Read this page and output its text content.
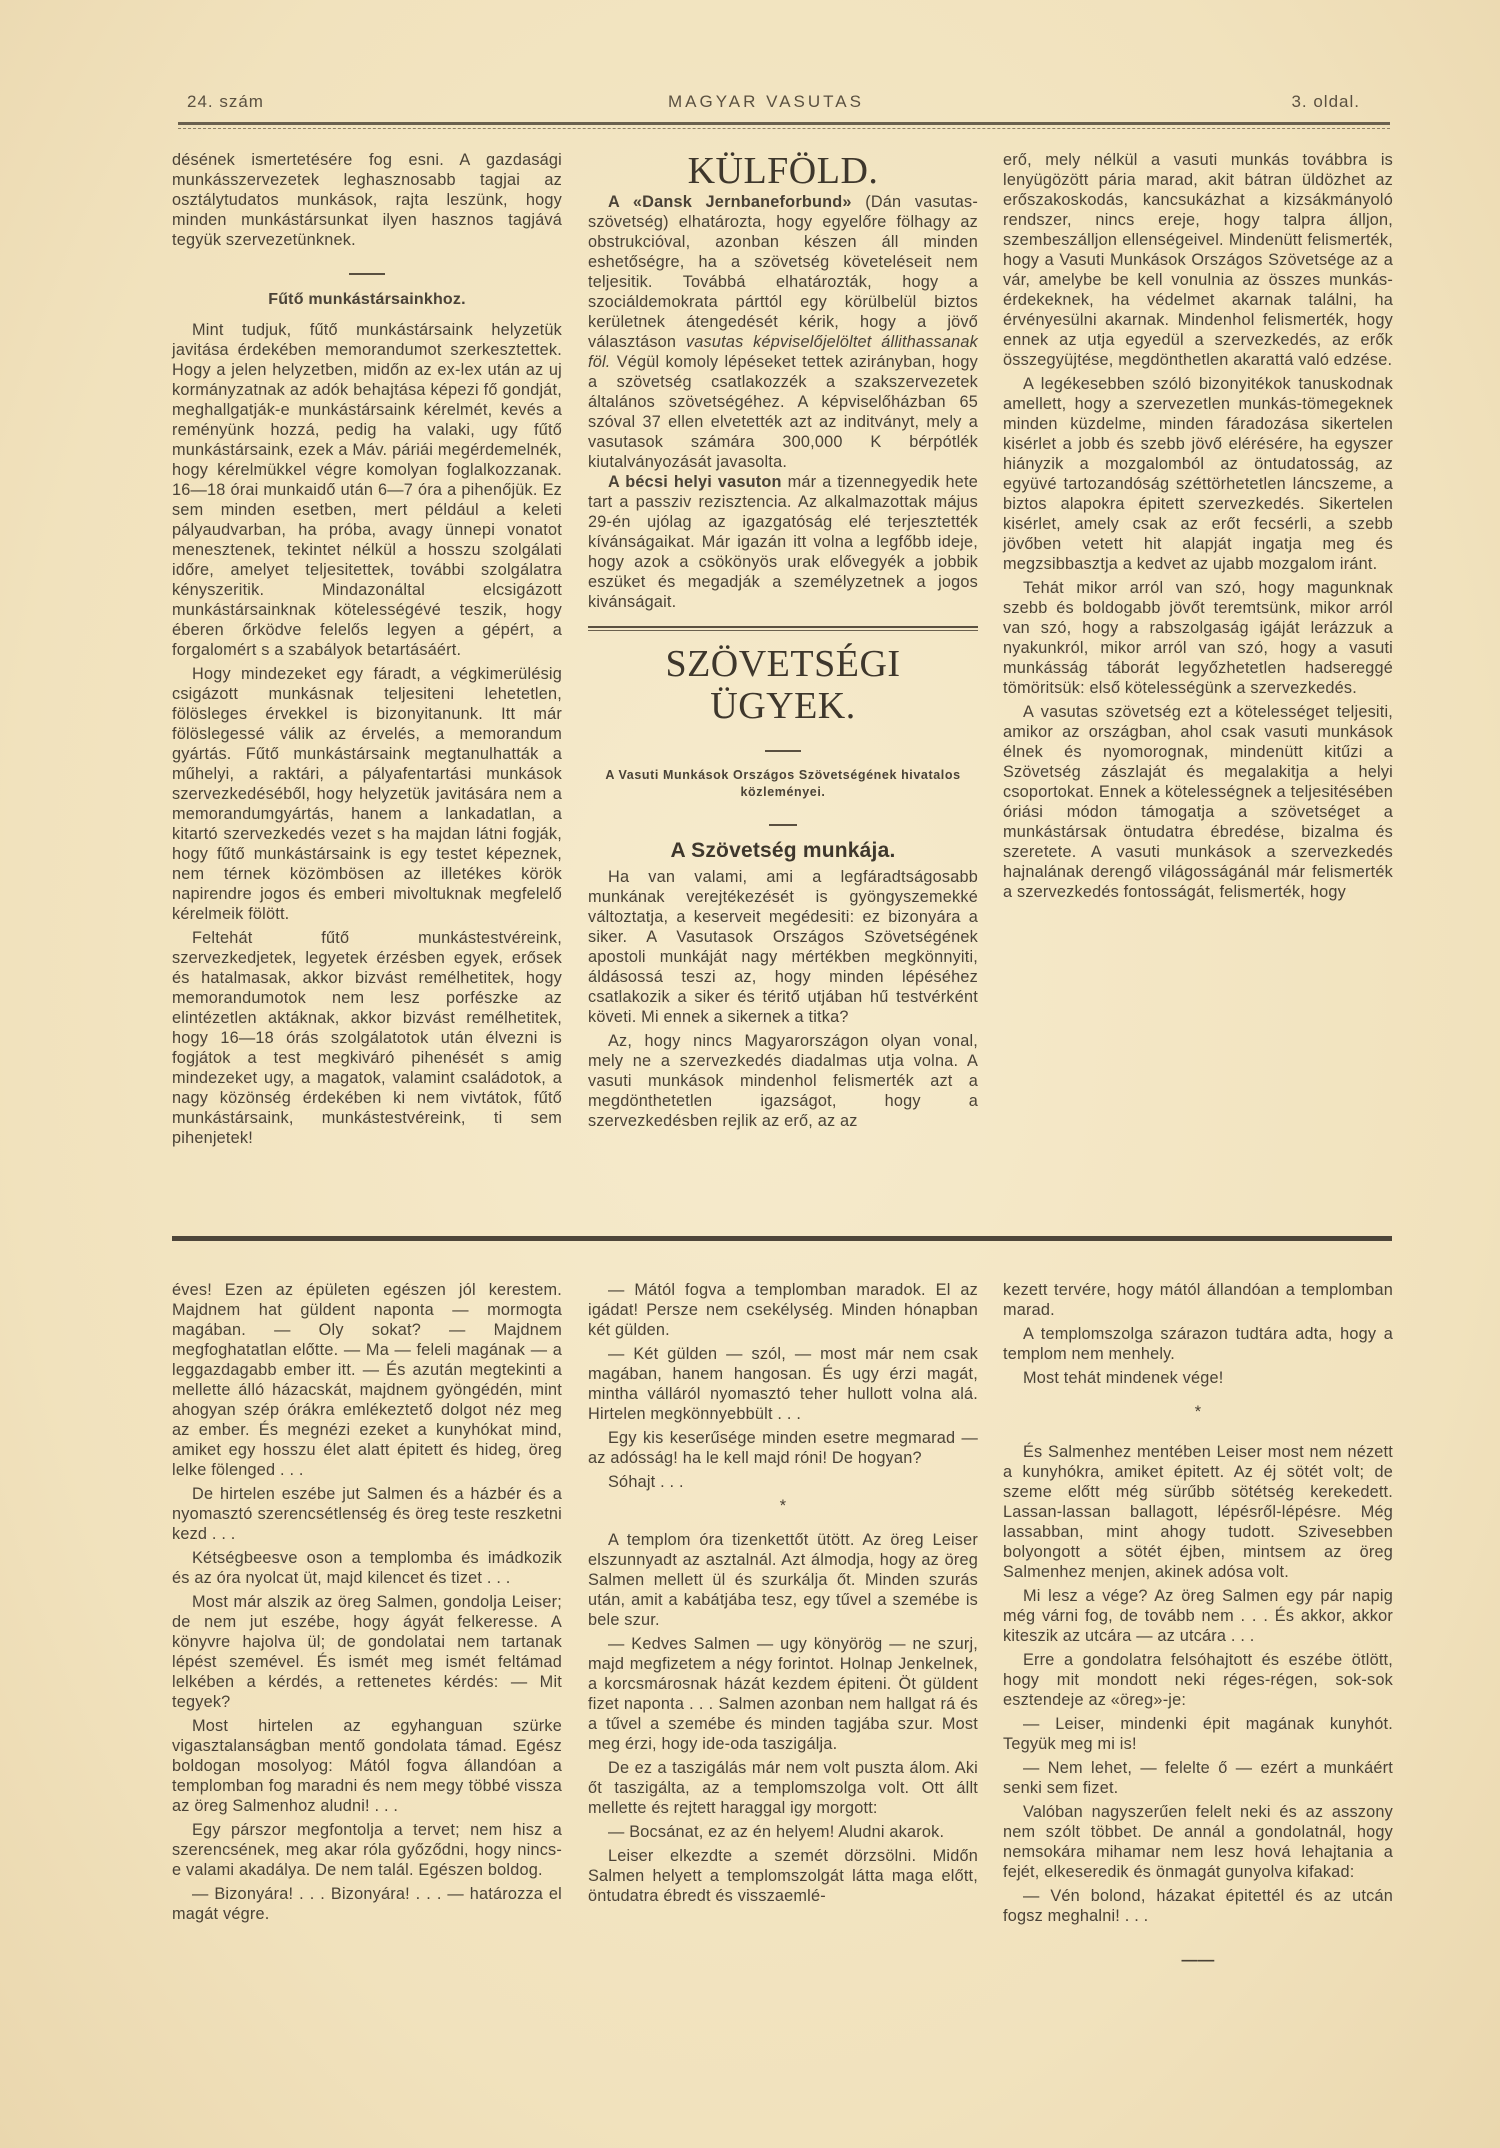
24. szám	MAGYAR VASUTAS	3. oldal.

désének ismertetésére fog esni. A gazdasági munkásszervezetek leghasznosabb tagjai az osztálytudatos munkások, rajta leszünk, hogy minden munkástársunkat ilyen hasznos tagjává tegyük szervezetünknek.

Fűtő munkástársainkhoz.

Mint tudjuk, fűtő munkástársaink helyzetük javitása érdekében memorandumot szerkesztettek. Hogy a jelen helyzetben, midőn az ex-lex után az uj kormányzatnak az adók behajtása képezi fő gondját, meghallgatják-e munkástársaink kérelmét, kevés a reményünk hozzá, pedig ha valaki, ugy fűtő munkástársaink, ezek a Máv. páriái megérdemelnék, hogy kérelmükkel végre komolyan foglalkozzanak. 16—18 órai munkaidő után 6—7 óra a pihenőjük. Ez sem minden esetben, mert például a keleti pályaudvarban, ha próba, avagy ünnepi vonatot menesztenek, tekintet nélkül a hosszu szolgálati időre, amelyet teljesitettek, további szolgálatra kényszeritik. Mindazonáltal elcsigázott munkástársainknak kötelességévé teszik, hogy éberen őrködve felelős legyen a gépért, a forgalomért s a szabályok betartásáért.

Hogy mindezeket egy fáradt, a végkimerülésig csigázott munkásnak teljesiteni lehetetlen, fölösleges érvekkel is bizonyitanunk. Itt már fölöslegessé válik az érvelés, a memorandum gyártás. Fűtő munkástársaink megtanulhatták a műhelyi, a raktári, a pályafentartási munkások szervezkedéséből, hogy helyzetük javitására nem a memorandumgyártás, hanem a lankadatlan, a kitartó szervezkedés vezet s ha majdan látni fogják, hogy fűtő munkástársaink is egy testet képeznek, nem térnek közömbösen az illetékes körök napirendre jogos és emberi mivoltuknak megfelelő kérelmeik fölött.

Feltehát fűtő munkástestvéreink, szervezkedjetek, legyetek érzésben egyek, erősek és hatalmasak, akkor bizvást remélhetitek, hogy memorandumotok nem lesz porfészke az elintézetlen aktáknak, akkor bizvást remélhetitek, hogy 16—18 órás szolgálatotok után élvezni is fogjátok a test megkiváró pihenését s amig mindezeket ugy, a magatok, valamint családotok, a nagy közönség érdekében ki nem vivtátok, fűtő munkástársaink, munkástestvéreink, ti sem pihenjetek!

KÜLFÖLD.

A «Dansk Jernbaneforbund» (Dán vasutas-szövetség) elhatározta, hogy egyelőre fölhagy az obstrukcióval, azonban készen áll minden eshetőségre, ha a szövetség követeléseit nem teljesitik. Továbbá elhatározták, hogy a szociáldemokrata párttól egy körülbelül biztos kerületnek átengedését kérik, hogy a jövő választáson vasutas képviselőjelöltet állithassanak föl. Végül komoly lépéseket tettek azirányban, hogy a szövetség csatlakozzék a szakszervezetek általános szövetségéhez. A képviselőházban 65 szóval 37 ellen elvetették azt az inditványt, mely a vasutasok számára 300,000 K bérpótlék kiutalványozását javasolta.

A bécsi helyi vasuton már a tizennegyedik hete tart a passziv rezisztencia. Az alkalmazottak május 29-én ujólag az igazgatóság elé terjesztették kívánságaikat. Már igazán itt volna a legfőbb ideje, hogy azok a csökönyös urak elővegyék a jobbik eszüket és megadják a személyzetnek a jogos kivánságait.

SZÖVETSÉGI ÜGYEK.
A Vasuti Munkások Országos Szövetségének hivatalos közleményei.
A Szövetség munkája.

Ha van valami, ami a legfáradtságosabb munkának verejtékezését is gyöngyszemekké változtatja, a keserveit megédesiti: ez bizonyára a siker. A Vasutasok Országos Szövetségének apostoli munkáját nagy mértékben megkönnyiti, áldásossá teszi az, hogy minden lépéséhez csatlakozik a siker és téritő utjában hű testvérként követi. Mi ennek a sikernek a titka?

Az, hogy nincs Magyarországon olyan vonal, mely ne a szervezkedés diadalmas utja volna. A vasuti munkások mindenhol felismerték azt a megdönthetetlen igazságot, hogy a szervezkedésben rejlik az erő, az az

erő, mely nélkül a vasuti munkás továbbra is lenyügözött pária marad, akit bátran üldözhet az erőszakoskodás, kancsukázhat a kizsákmányoló rendszer, nincs ereje, hogy talpra álljon, szembeszálljon ellenségeivel. Mindenütt felismerték, hogy a Vasuti Munkások Országos Szövetsége az a vár, amelybe be kell vonulnia az összes munkás-érdekeknek, ha védelmet akarnak találni, ha érvényesülni akarnak. Mindenhol felismerték, hogy ennek az utja egyedül a szervezkedés, az erők összegyüjtése, megdönthetlen akarattá való edzése.

A legékesebben szóló bizonyitékok tanuskodnak amellett, hogy a szervezetlen munkás-tömegeknek minden küzdelme, minden fáradozása sikertelen kisérlet a jobb és szebb jövő elérésére, ha egyszer hiányzik a mozgalomból az öntudatosság, az együvé tartozandóság széttörhetetlen láncszeme, a biztos alapokra épitett szervezkedés. Sikertelen kisérlet, amely csak az erőt fecsérli, a szebb jövőben vetett hit alapját ingatja meg és megzsibbasztja a kedvet az ujabb mozgalom iránt.

Tehát mikor arról van szó, hogy magunknak szebb és boldogabb jövőt teremtsünk, mikor arról van szó, hogy a rabszolgaság igáját lerázzuk a nyakunkról, mikor arról van szó, hogy a vasuti munkásság táborát legyőzhetetlen hadsereggé tömöritsük: első kötelességünk a szervezkedés.

A vasutas szövetség ezt a kötelességet teljesiti, amikor az országban, ahol csak vasuti munkások élnek és nyomorognak, mindenütt kitűzi a Szövetség zászlaját és megalakitja a helyi csoportokat. Ennek a kötelességnek a teljesitésében óriási módon támogatja a szövetséget a munkástársak öntudatra ébredése, bizalma és szeretete. A vasuti munkások a szervezkedés hajnalának derengő világosságánál már felismerték a szervezkedés fontosságát, felismerték, hogy

éves! Ezen az épületen egészen jól kerestem. Majdnem hat güldent naponta — mormogta magában. — Oly sokat? — Majdnem megfoghatatlan előtte. — Ma — feleli magának — a leggazdagabb ember itt. — És azután megtekinti a mellette álló házacskát, majdnem gyöngédén, mint ahogyan szép órákra emlékeztető dolgot néz meg az ember. És megnézi ezeket a kunyhókat mind, amiket egy hosszu élet alatt épitett és hideg, öreg lelke fölenged . . .

De hirtelen eszébe jut Salmen és a házbér és a nyomasztó szerencsétlenség és öreg teste reszketni kezd . . .

Kétségbeesve oson a templomba és imádkozik és az óra nyolcat üt, majd kilencet és tizet . . .

Most már alszik az öreg Salmen, gondolja Leiser; de nem jut eszébe, hogy ágyát felkeresse. A könyvre hajolva ül; de gondolatai nem tartanak lépést szemével. És ismét meg ismét feltámad lelkében a kérdés, a rettenetes kérdés: — Mit tegyek?

Most hirtelen az egyhanguan szürke vigasztalanságban mentő gondolata támad. Egész boldogan mosolyog: Mától fogva állandóan a templomban fog maradni és nem megy többé vissza az öreg Salmenhoz aludni! . . .

Egy párszor megfontolja a tervet; nem hisz a szerencsének, meg akar róla győződni, hogy nincs-e valami akadálya. De nem talál. Egészen boldog.

— Bizonyára! . . . Bizonyára! . . . — határozza el magát végre.

— Mától fogva a templomban maradok. El az igádat! Persze nem csekélység. Minden hónapban két gülden.

— Két gülden — szól, — most már nem csak magában, hanem hangosan. És ugy érzi magát, mintha válláról nyomasztó teher hullott volna alá. Hirtelen megkönnyebbült . . .

Egy kis keserűsége minden esetre megmarad — az adósság! ha le kell majd róni! De hogyan?

Sóhajt . . .

*

A templom óra tizenkettőt ütött. Az öreg Leiser elszunnyadt az asztalnál. Azt álmodja, hogy az öreg Salmen mellett ül és szurkálja őt. Minden szurás után, amit a kabátjába tesz, egy tűvel a szemébe is bele szur.

— Kedves Salmen — ugy könyörög — ne szurj, majd megfizetem a négy forintot. Holnap Jenkelnek, a korcsmárosnak házát kezdem épiteni. Öt güldent fizet naponta . . . Salmen azonban nem hallgat rá és a tűvel a szemébe és minden tagjába szur. Most meg érzi, hogy ide-oda taszigálja.

De ez a taszigálás már nem volt puszta álom. Aki őt taszigálta, az a templomszolga volt. Ott állt mellette és rejtett haraggal igy morgott:

— Bocsánat, ez az én helyem! Aludni akarok.

Leiser elkezdte a szemét dörzsölni. Midőn Salmen helyett a templomszolgát látta maga előtt, öntudatra ébredt és visszaemlé-

kezett tervére, hogy mától állandóan a templomban marad.

A templomszolga szárazon tudtára adta, hogy a templom nem menhely.

Most tehát mindenek vége!

*

És Salmenhez mentében Leiser most nem nézett a kunyhókra, amiket épitett. Az éj sötét volt; de szeme előtt még sürűbb sötétség kerekedett. Lassan-lassan ballagott, lépésről-lépésre. Még lassabban, mint ahogy tudott. Szivesebben bolyongott a sötét éjben, mintsem az öreg Salmenhez menjen, akinek adósa volt.

Mi lesz a vége? Az öreg Salmen egy pár napig még várni fog, de tovább nem . . . És akkor, akkor kiteszik az utcára — az utcára . . .

Erre a gondolatra felsóhajtott és eszébe ötlött, hogy mit mondott neki réges-régen, sok-sok esztendeje az «öreg»-je:

— Leiser, mindenki épit magának kunyhót. Tegyük meg mi is!

— Nem lehet, — felelte ő — ezért a munkáért senki sem fizet.

Valóban nagyszerűen felelt neki és az asszony nem szólt többet. De annál a gondolatnál, hogy nemsokára mihamar nem lesz hová lehajtania a fejét, elkeseredik és önmagát gunyolva kifakad:

— Vén bolond, házakat épitettél és az utcán fogsz meghalni! . . .

——
